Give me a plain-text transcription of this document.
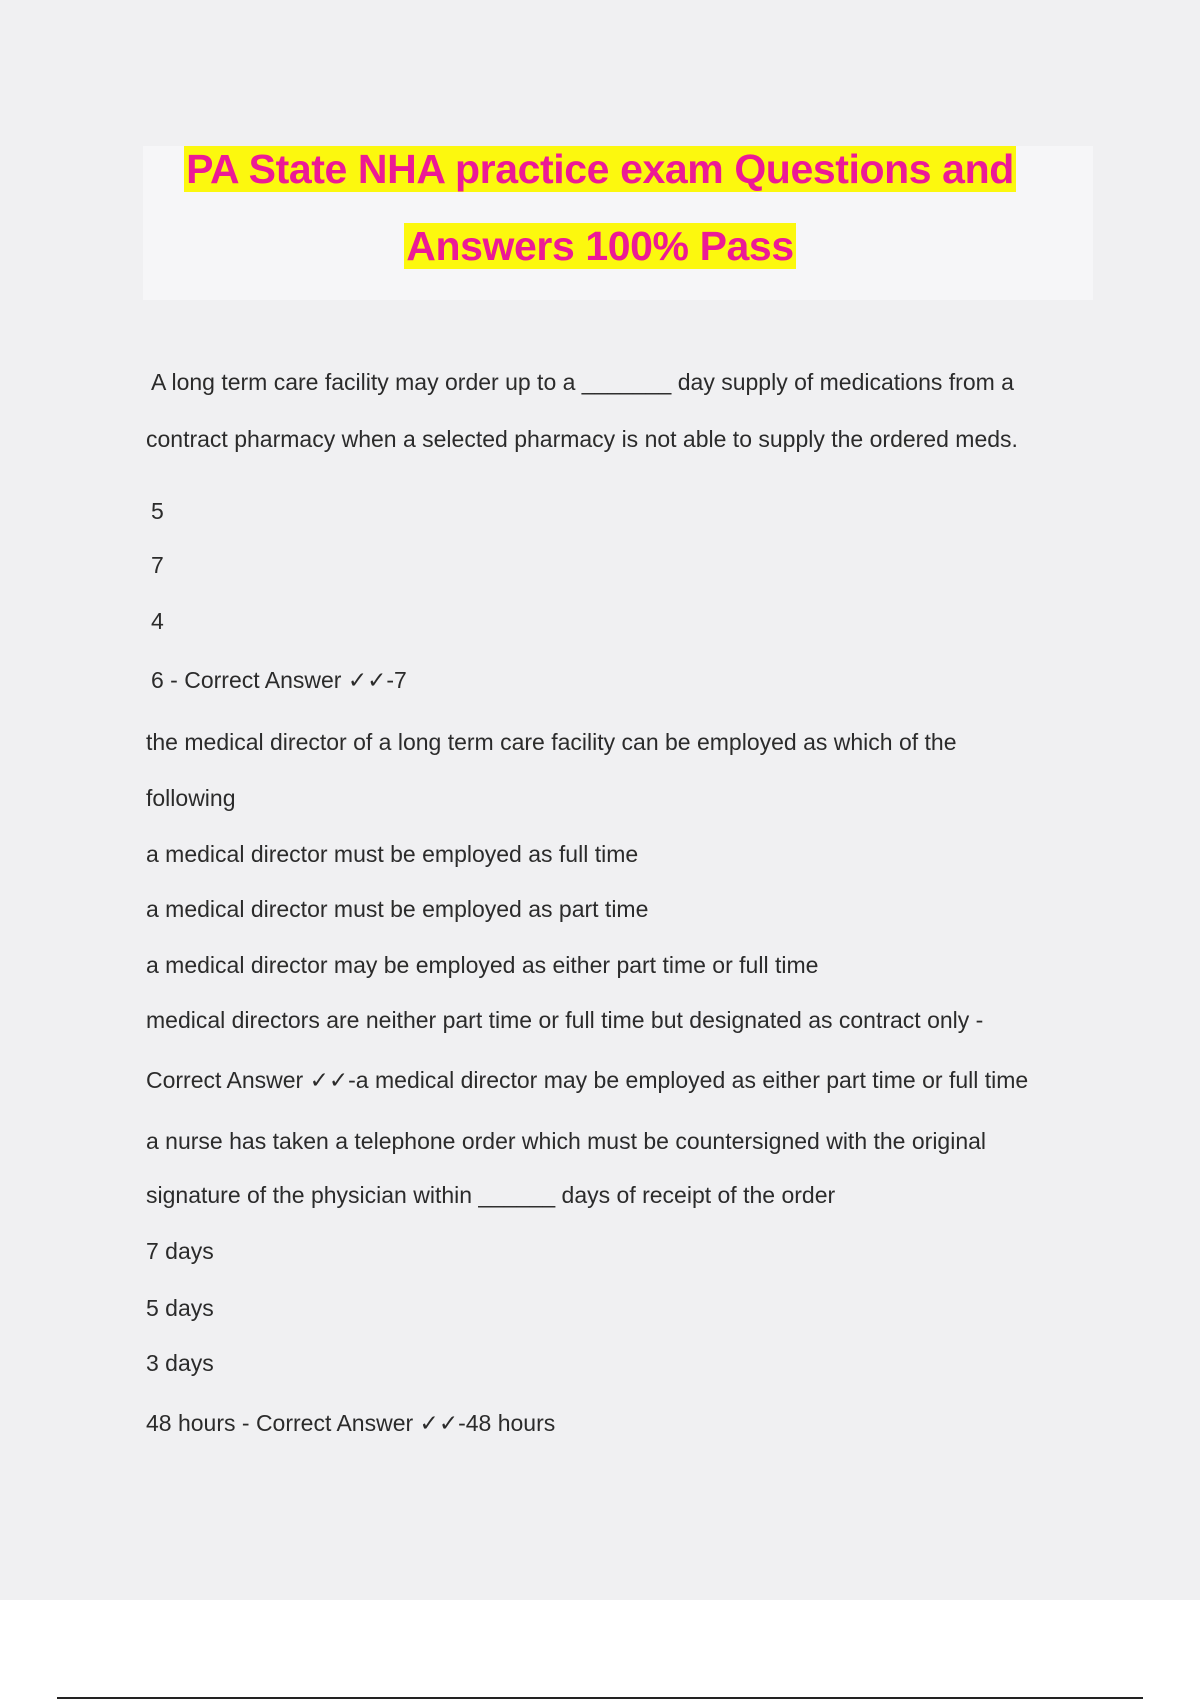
PA State NHA practice exam Questions and
Answers 100% Pass
A long term care facility may order up to a _______ day supply of medications from a
contract pharmacy when a selected pharmacy is not able to supply the ordered meds.
5
7
4
6 - Correct Answer ✓✓-7
the medical director of a long term care facility can be employed as which of the
following
a medical director must be employed as full time
a medical director must be employed as part time
a medical director may be employed as either part time or full time
medical directors are neither part time or full time but designated as contract only -
Correct Answer ✓✓-a medical director may be employed as either part time or full time
a nurse has taken a telephone order which must be countersigned with the original
signature of the physician within ______ days of receipt of the order
7 days
5 days
3 days
48 hours - Correct Answer ✓✓-48 hours
